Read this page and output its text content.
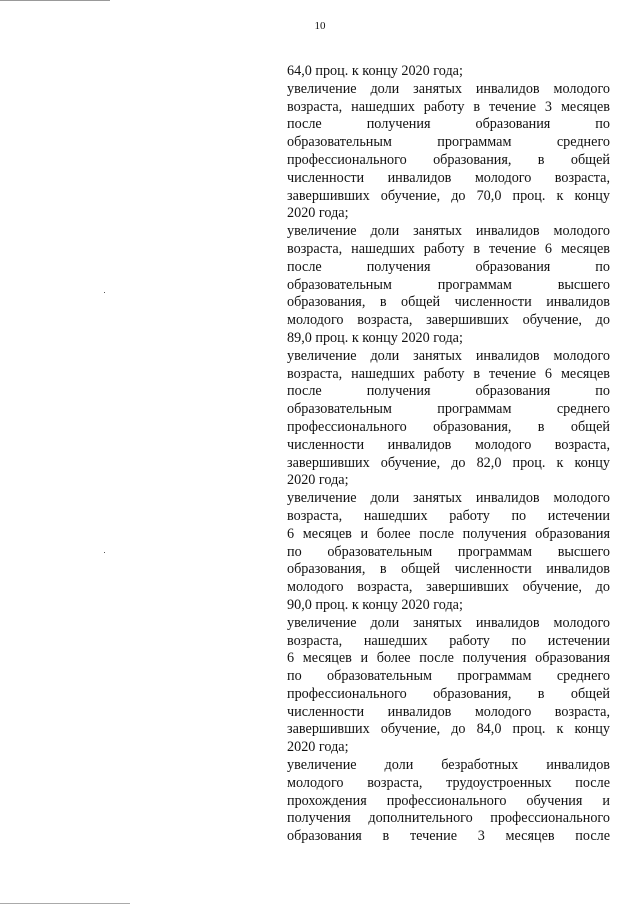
10
64,0 проц. к концу 2020 года;
увеличение доли занятых инвалидов молодого
возраста, нашедших работу в течение 3 месяцев
после получения образования по
образовательным программам среднего
профессионального образования, в общей
численности инвалидов молодого возраста,
завершивших обучение, до 70,0 проц. к концу
2020 года;
увеличение доли занятых инвалидов молодого
возраста, нашедших работу в течение 6 месяцев
после получения образования по
образовательным программам высшего
образования, в общей численности инвалидов
молодого возраста, завершивших обучение, до
89,0 проц. к концу 2020 года;
увеличение доли занятых инвалидов молодого
возраста, нашедших работу в течение 6 месяцев
после получения образования по
образовательным программам среднего
профессионального образования, в общей
численности инвалидов молодого возраста,
завершивших обучение, до 82,0 проц. к концу
2020 года;
увеличение доли занятых инвалидов молодого
возраста, нашедших работу по истечении
6 месяцев и более после получения образования
по образовательным программам высшего
образования, в общей численности инвалидов
молодого возраста, завершивших обучение, до
90,0 проц. к концу 2020 года;
увеличение доли занятых инвалидов молодого
возраста, нашедших работу по истечении
6 месяцев и более после получения образования
по образовательным программам среднего
профессионального образования, в общей
численности инвалидов молодого возраста,
завершивших обучение, до 84,0 проц. к концу
2020 года;
увеличение доли безработных инвалидов
молодого возраста, трудоустроенных после
прохождения профессионального обучения и
получения дополнительного профессионального
образования в течение 3 месяцев после
